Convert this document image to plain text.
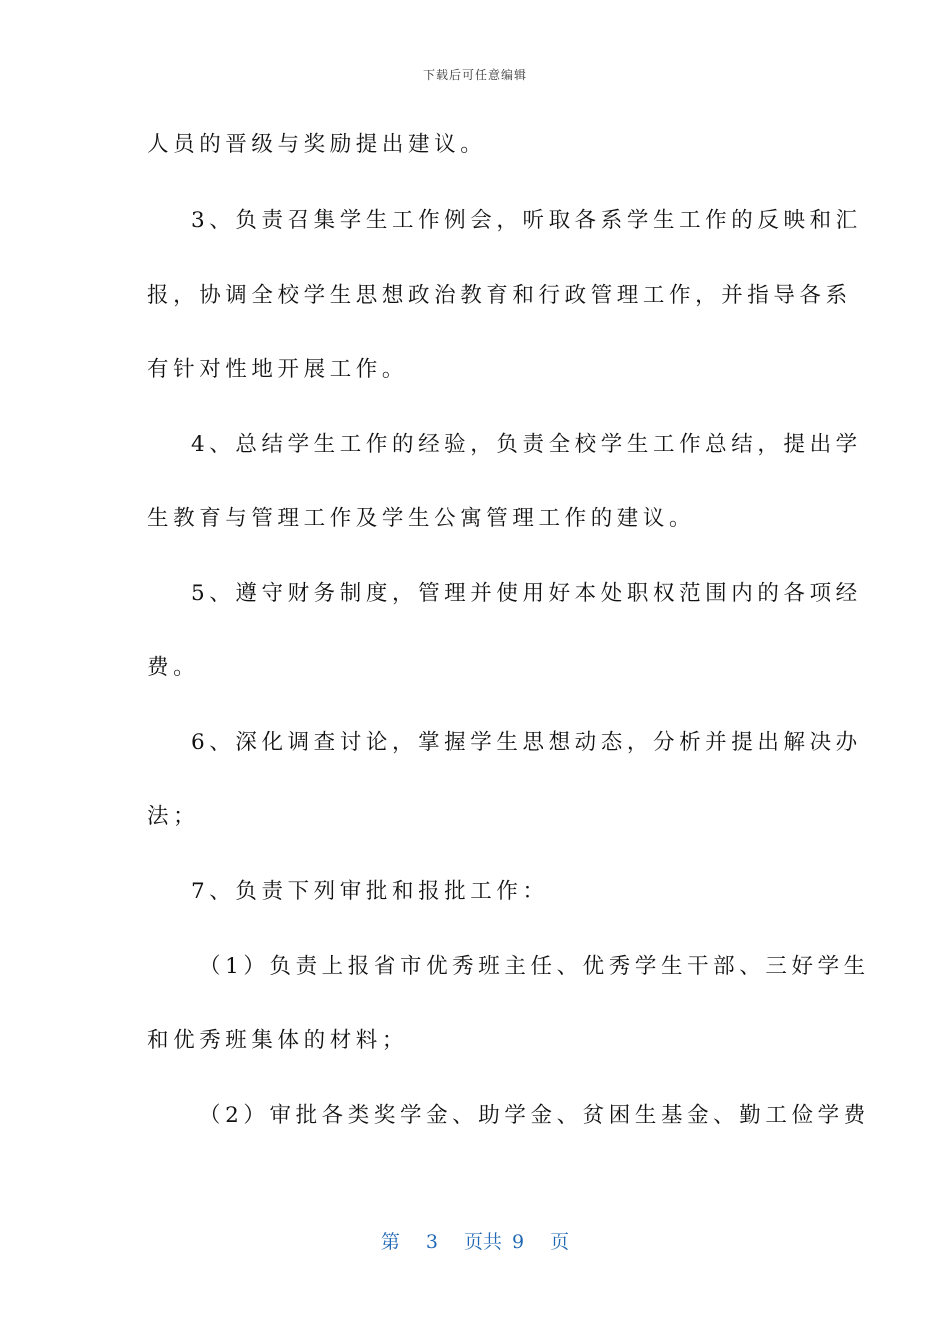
下载后可任意编辑
人员的晋级与奖励提出建议。
3、负责召集学生工作例会，听取各系学生工作的反映和汇
报，协调全校学生思想政治教育和行政管理工作，并指导各系
有针对性地开展工作。
4、总结学生工作的经验，负责全校学生工作总结，提出学
生教育与管理工作及学生公寓管理工作的建议。
5、遵守财务制度，管理并使用好本处职权范围内的各项经
费。
6、深化调查讨论，掌握学生思想动态，分析并提出解决办
法；
7、负责下列审批和报批工作：
（1）负责上报省市优秀班主任、优秀学生干部、三好学生
和优秀班集体的材料；
（2）审批各类奖学金、助学金、贫困生基金、勤工俭学费
第 3 页共 9 页
